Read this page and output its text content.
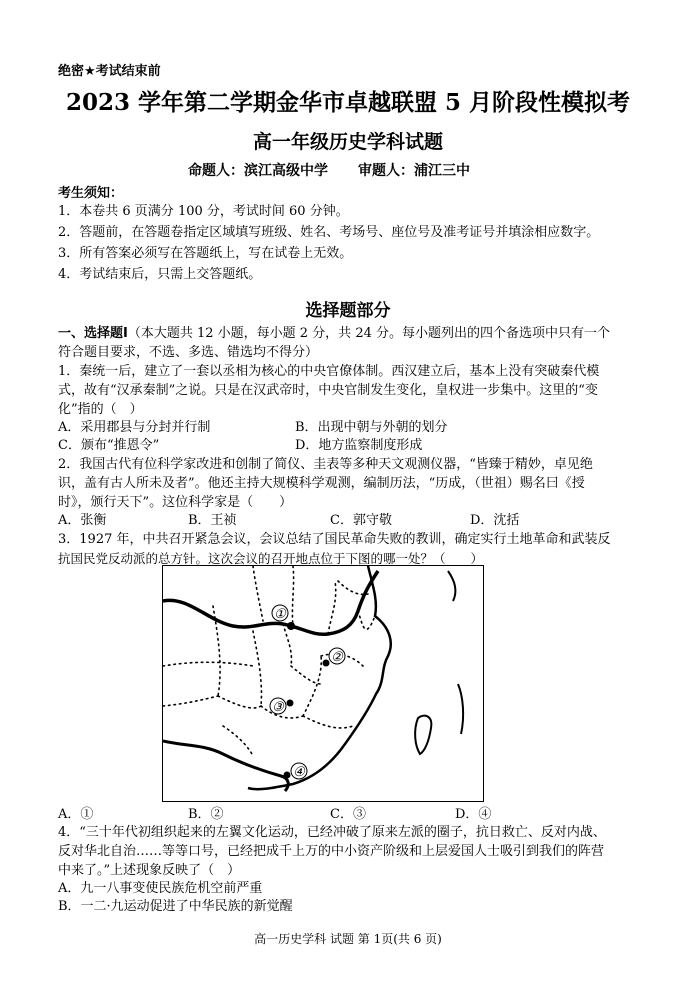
绝密★考试结束前
2023 学年第二学期金华市卓越联盟 5 月阶段性模拟考
高一年级历史学科试题
命题人：滨江高级中学 审题人：浦江三中
考生须知：
1．本卷共 6 页满分 100 分，考试时间 60 分钟。
2．答题前，在答题卷指定区域填写班级、姓名、考场号、座位号及准考证号并填涂相应数字。
3．所有答案必须写在答题纸上，写在试卷上无效。
4．考试结束后，只需上交答题纸。
选择题部分
一、选择题Ⅰ（本大题共 12 小题，每小题 2 分，共 24 分。每小题列出的四个备选项中只有一个
符合题目要求，不选、多选、错选均不得分）
1．秦统一后，建立了一套以丞相为核心的中央官僚体制。西汉建立后，基本上没有突破秦代模
式，故有“汉承秦制”之说。只是在汉武帝时，中央官制发生变化，皇权进一步集中。这里的“变
化”指的（　）
A．采用郡县与分封并行制	B．出现中朝与外朝的划分
C．颁布“推恩令”	D．地方监察制度形成
2．我国古代有位科学家改进和创制了简仪、圭表等多种天文观测仪器，“皆臻于精妙，卓见绝
识，盖有古人所未及者”。他还主持大规模科学观测，编制历法，“历成，（世祖）赐名曰《授
时》，颁行天下”。这位科学家是（　　）
A．张衡	B．王祯	C．郭守敬	D．沈括
3．1927 年，中共召开紧急会议，会议总结了国民革命失败的教训，确定实行土地革命和武装反
抗国民党反动派的总方针。这次会议的召开地点位于下图的哪一处？（　　）
①
②
③
④
A．①	B．②	C．③	D．④
4．“三十年代初组织起来的左翼文化运动，已经冲破了原来左派的圈子，抗日救亡、反对内战、
反对华北自治……等等口号，已经把成千上万的中小资产阶级和上层爱国人士吸引到我们的阵营
中来了。”上述现象反映了（　）
A．九一八事变使民族危机空前严重
B．一二·九运动促进了中华民族的新觉醒
高一历史学科 试题 第 1页(共 6 页)
